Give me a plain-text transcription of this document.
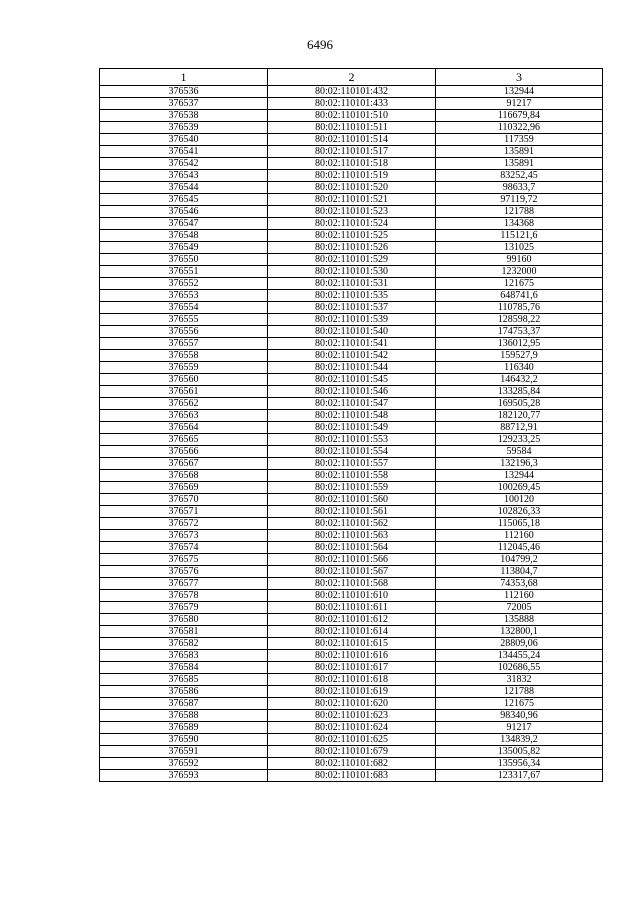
6496
1	2	3
376536	80:02:110101:432	132944
376537	80:02:110101:433	91217
376538	80:02:110101:510	116679,84
376539	80:02:110101:511	110322,96
376540	80:02:110101:514	117359
376541	80:02:110101:517	135891
376542	80:02:110101:518	135891
376543	80:02:110101:519	83252,45
376544	80:02:110101:520	98633,7
376545	80:02:110101:521	97119,72
376546	80:02:110101:523	121788
376547	80:02:110101:524	134368
376548	80:02:110101:525	115121,6
376549	80:02:110101:526	131025
376550	80:02:110101:529	99160
376551	80:02:110101:530	1232000
376552	80:02:110101:531	121675
376553	80:02:110101:535	648741,6
376554	80:02:110101:537	110785,76
376555	80:02:110101:539	128598,22
376556	80:02:110101:540	174753,37
376557	80:02:110101:541	136012,95
376558	80:02:110101:542	159527,9
376559	80:02:110101:544	116340
376560	80:02:110101:545	146432,2
376561	80:02:110101:546	133285,84
376562	80:02:110101:547	169505,28
376563	80:02:110101:548	182120,77
376564	80:02:110101:549	88712,91
376565	80:02:110101:553	129233,25
376566	80:02:110101:554	59584
376567	80:02:110101:557	132196,3
376568	80:02:110101:558	132944
376569	80:02:110101:559	100269,45
376570	80:02:110101:560	100120
376571	80:02:110101:561	102826,33
376572	80:02:110101:562	115065,18
376573	80:02:110101:563	112160
376574	80:02:110101:564	112045,46
376575	80:02:110101:566	104799,2
376576	80:02:110101:567	113804,7
376577	80:02:110101:568	74353,68
376578	80:02:110101:610	112160
376579	80:02:110101:611	72005
376580	80:02:110101:612	135888
376581	80:02:110101:614	132800,1
376582	80:02:110101:615	28809,06
376583	80:02:110101:616	134455,24
376584	80:02:110101:617	102686,55
376585	80:02:110101:618	31832
376586	80:02:110101:619	121788
376587	80:02:110101:620	121675
376588	80:02:110101:623	98340,96
376589	80:02:110101:624	91217
376590	80:02:110101:625	134839,2
376591	80:02:110101:679	135005,82
376592	80:02:110101:682	135956,34
376593	80:02:110101:683	123317,67
